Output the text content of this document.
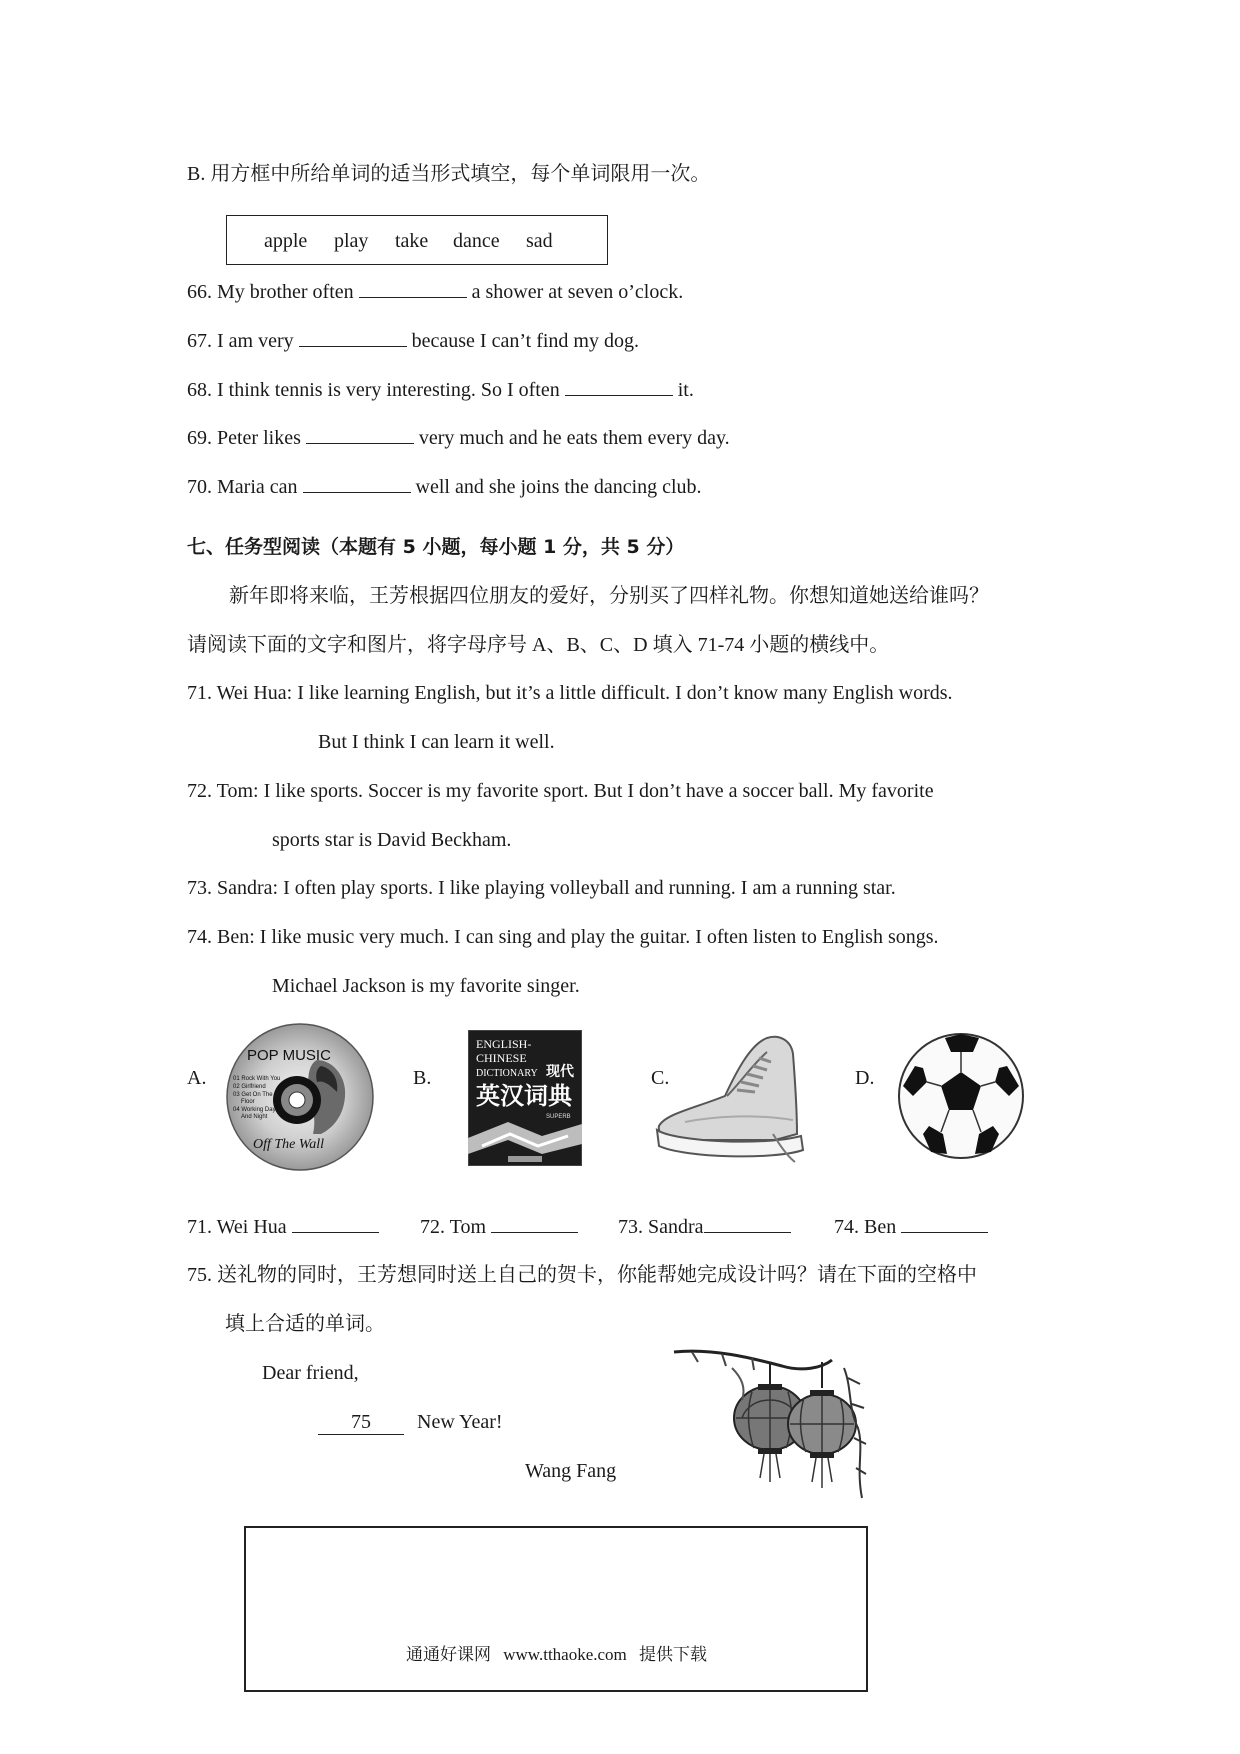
B. 用方框中所给单词的适当形式填空，每个单词限用一次。
apple play take dance sad
66. My brother often	a shower at seven o’clock.
67. I am very	because I can’t find my dog.
68. I think tennis is very interesting. So I often	it.
69. Peter likes	very much and he eats them every day.
70. Maria can	well and she joins the dancing club.
七、任务型阅读（本题有 5 小题，每小题 1 分，共 5 分）
新年即将来临，王芳根据四位朋友的爱好，分别买了四样礼物。你想知道她送给谁吗？
请阅读下面的文字和图片，将字母序号 A、B、C、D 填入 71-74 小题的横线中。
71. Wei Hua: I like learning English, but it’s a little difficult. I don’t know many English words.
But I think I can learn it well.
72. Tom: I like sports. Soccer is my favorite sport. But I don’t have a soccer ball. My favorite
sports star is David Beckham.
73. Sandra: I often play sports. I like playing volleyball and running. I am a running star.
74. Ben: I like music very much. I can sing and play the guitar. I often listen to English songs.
Michael Jackson is my favorite singer.
A.	B.	C.	D.
POP MUSIC
01 Rock With You
02 Girlfriend
03 Get On The
Floor
04 Working Day
And Night
Off The Wall
ENGLISH-
CHINESE
DICTIONARY 现代
英汉词典
SUPERB
71. Wei Hua	72. Tom	73. Sandra	74. Ben
75. 送礼物的同时，王芳想同时送上自己的贺卡，你能帮她完成设计吗？请在下面的空格中
填上合适的单词。
Dear friend,
75 New Year!
Wang Fang
通通好课网 www.tthaoke.com 提供下载
